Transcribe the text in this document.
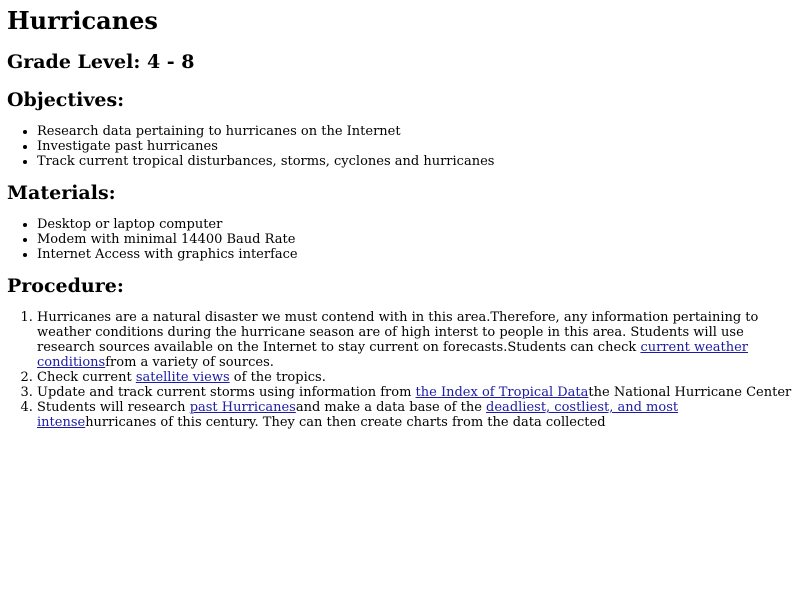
Hurricanes
Grade Level: 4 - 8
Objectives:
• Research data pertaining to hurricanes on the Internet
• Investigate past hurricanes
• Track current tropical disturbances, storms, cyclones and hurricanes
Materials:
• Desktop or laptop computer
• Modem with minimal 14400 Baud Rate
• Internet Access with graphics interface
Procedure:
1. Hurricanes are a natural disaster we must contend with in this area.Therefore, any information pertaining to weather conditions during the hurricane season are of high interst to people in this area. Students will use research sources available on the Internet to stay current on forecasts.Students can check current weather conditionsfrom a variety of sources.
2. Check current satellite views of the tropics.
3. Update and track current storms using information from the Index of Tropical Datathe National Hurricane Center
4. Students will research past Hurricanesand make a data base of the deadliest, costliest, and most intensehurricanes of this century. They can then create charts from the data collected
